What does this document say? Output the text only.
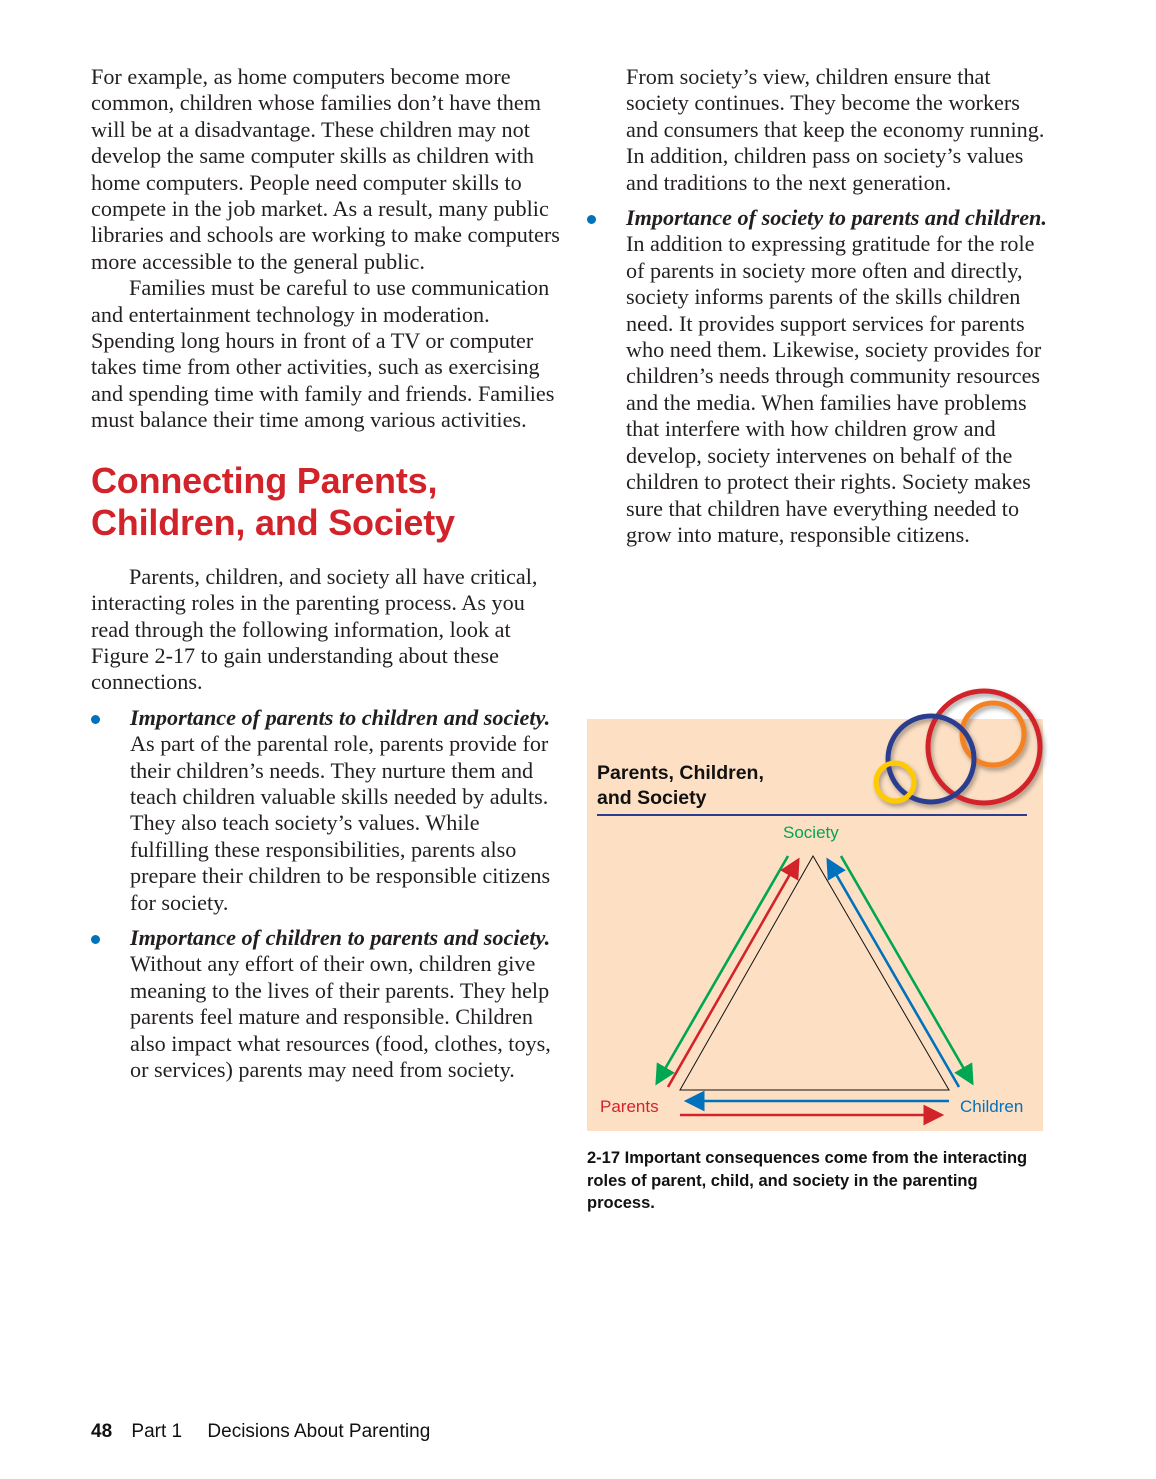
For example, as home computers become more common, children whose families don’t have them will be at a disadvantage. These children may not develop the same computer skills as children with home computers. People need computer skills to compete in the job market. As a result, many public libraries and schools are working to make computers more accessible to the general public.

Families must be careful to use communication and entertainment technology in moderation. Spending long hours in front of a TV or computer takes time from other activities, such as exercising and spending time with family and friends. Families must balance their time among various activities.

Connecting Parents, Children, and Society

Parents, children, and society all have critical, interacting roles in the parenting process. As you read through the following information, look at Figure 2-17 to gain understanding about these connections.

Importance of parents to children and society. As part of the parental role, parents provide for their children’s needs. They nurture them and teach children valuable skills needed by adults. They also teach society’s values. While fulfilling these responsibilities, parents also prepare their children to be responsible citizens for society.
Importance of children to parents and society. Without any effort of their own, children give meaning to the lives of their parents. They help parents feel mature and responsible. Children also impact what resources (food, clothes, toys, or services) parents may need from society.

From society’s view, children ensure that society continues. They become the workers and consumers that keep the economy running. In addition, children pass on society’s values and traditions to the next generation.

Importance of society to parents and children. In addition to expressing gratitude for the role of parents in society more often and directly, society informs parents of the skills children need. It provides support services for parents who need them. Likewise, society provides for children’s needs through community resources and the media. When families have problems that interfere with how children grow and develop, society intervenes on behalf of the children to protect their rights. Society makes sure that children have everything needed to grow into mature, responsible citizens.
Parents, Children,
and Society
Society
Parents	Children
2-17 Important consequences come from the interacting roles of parent, child, and society in the parenting process.
48 Part 1 Decisions About Parenting
